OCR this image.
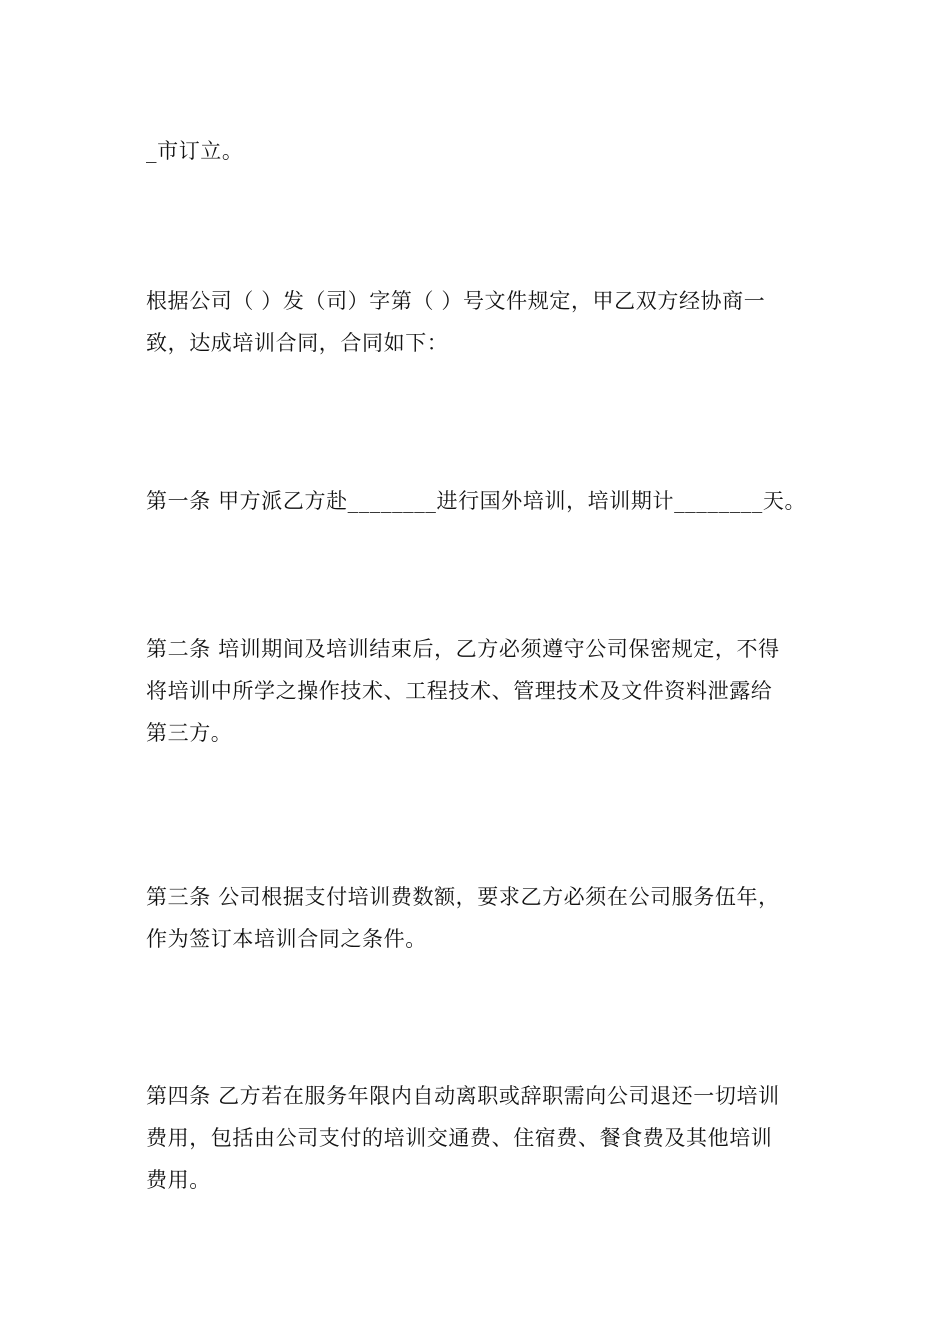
_市订立。

根据公司（ ）发（司）字第（ ）号文件规定，甲乙双方经协商一
致，达成培训合同，合同如下：

第一条 甲方派乙方赴________进行国外培训，培训期计________天。

第二条 培训期间及培训结束后，乙方必须遵守公司保密规定，不得
将培训中所学之操作技术、工程技术、管理技术及文件资料泄露给
第三方。

第三条 公司根据支付培训费数额，要求乙方必须在公司服务伍年，
作为签订本培训合同之条件。

第四条 乙方若在服务年限内自动离职或辞职需向公司退还一切培训
费用，包括由公司支付的培训交通费、住宿费、餐食费及其他培训
费用。
